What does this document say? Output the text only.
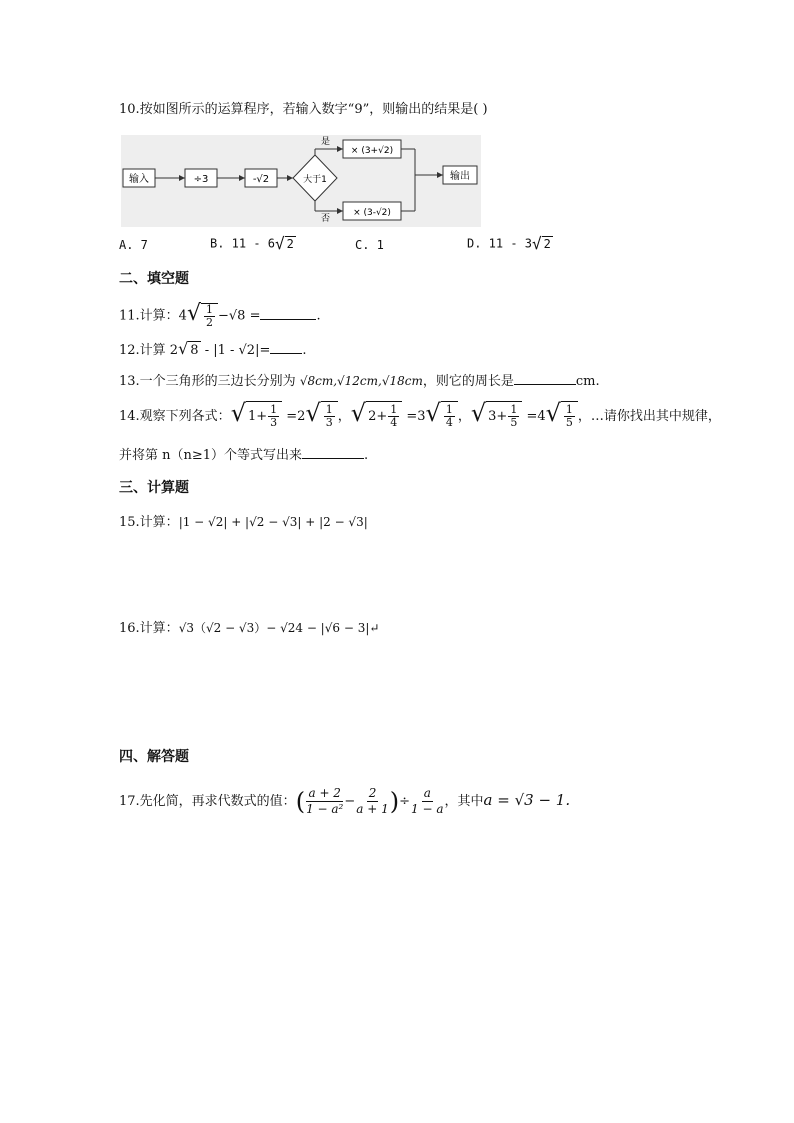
10.按如图所示的运算程序，若输入数字“9”，则输出的结果是( )
输入	÷3	-√2	大于1
是
× (3+√2)
否
× (3-√2)
输出
A. 7	B. 11 - 6 √ 2	C. 1	D. 11 - 3 √ 2
二、填空题
11.计算：4 √ $\frac{1}{2} -√8$ =	.
12.计算 2 √ 8 - |1 - √2|= .
13.一个三角形的三边长分别为 √8cm,√12cm,√18cm，则它的周长是	cm.
14.观察下列各式： √ $1+ \frac{1}{3} =2$ √ $\frac{1}{3}$ ， √ $2+ \frac{1}{4} =3$ √ $\frac{1}{4}$ ， √ $3+ \frac{1}{5} =4$ √ $\frac{1}{5}$ ，…请你找出其中规律，
并将第 n（n≥1）个等式写出来	.
三、计算题
15.计算：|1 − √2| + |√2 − √3| + |2 − √3|
16.计算：√3（√2 − √3）− √24 − |√6 − 3|↵
四、解答题
17.先化简，再求代数式的值：( $\frac{a + 2}{\text{1 − a²}} - \frac{2}{a + 1}$ )÷ $\frac{a}{1 - a}$ ，其中a = √3 − 1.
